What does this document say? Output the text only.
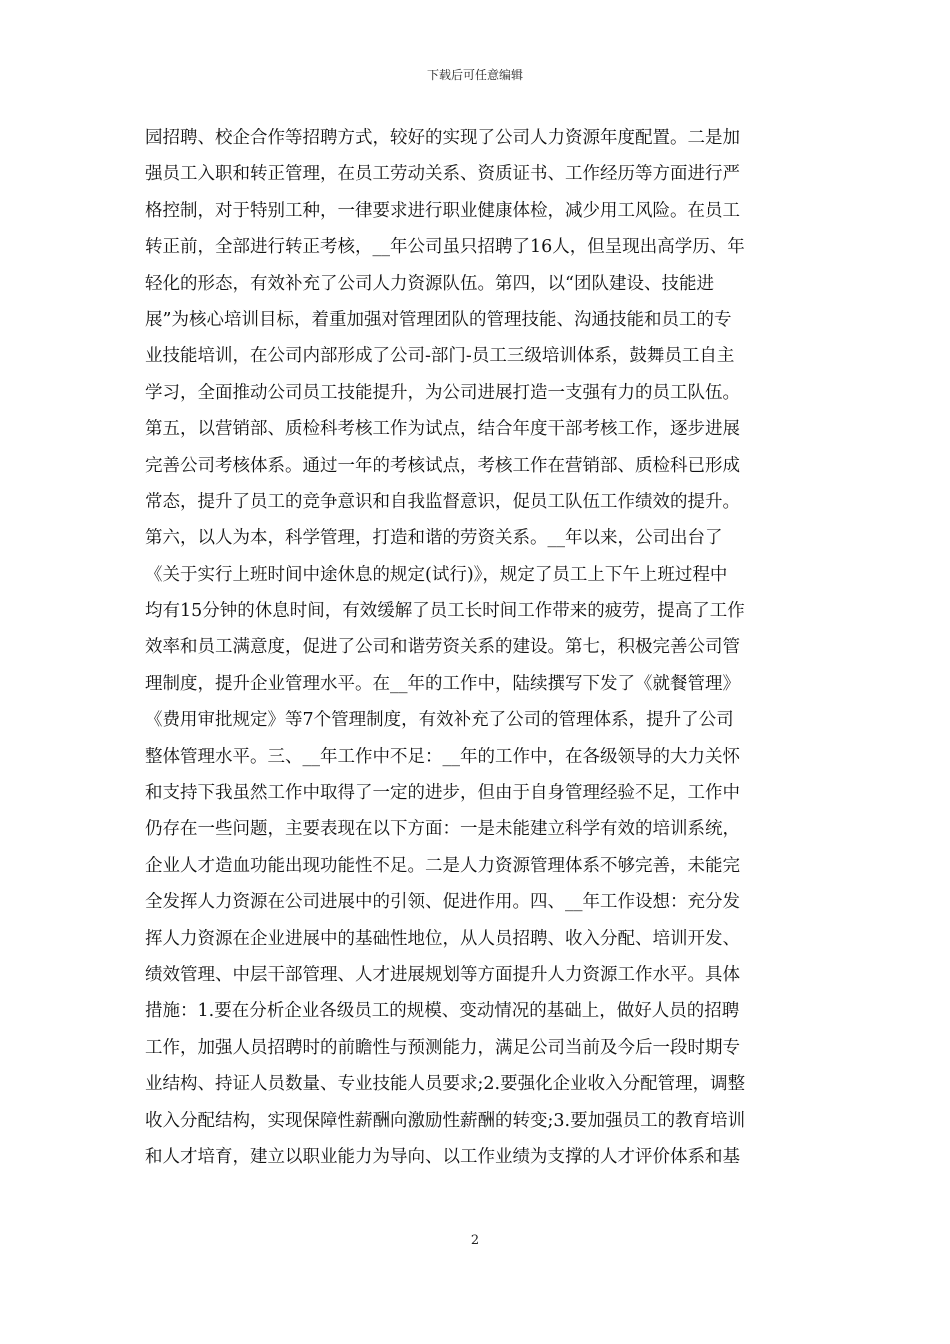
下载后可任意编辑
园招聘、校企合作等招聘方式，较好的实现了公司人力资源年度配置。二是加
强员工入职和转正管理，在员工劳动关系、资质证书、工作经历等方面进行严
格控制，对于特别工种，一律要求进行职业健康体检，减少用工风险。在员工
转正前，全部进行转正考核，__年公司虽只招聘了16人，但呈现出高学历、年
轻化的形态，有效补充了公司人力资源队伍。第四，以“团队建设、技能进
展”为核心培训目标，着重加强对管理团队的管理技能、沟通技能和员工的专
业技能培训，在公司内部形成了公司-部门-员工三级培训体系，鼓舞员工自主
学习，全面推动公司员工技能提升，为公司进展打造一支强有力的员工队伍。
第五，以营销部、质检科考核工作为试点，结合年度干部考核工作，逐步进展
完善公司考核体系。通过一年的考核试点，考核工作在营销部、质检科已形成
常态，提升了员工的竞争意识和自我监督意识，促员工队伍工作绩效的提升。
第六，以人为本，科学管理，打造和谐的劳资关系。__年以来，公司出台了
《关于实行上班时间中途休息的规定(试行)》，规定了员工上下午上班过程中
均有15分钟的休息时间，有效缓解了员工长时间工作带来的疲劳，提高了工作
效率和员工满意度，促进了公司和谐劳资关系的建设。第七，积极完善公司管
理制度，提升企业管理水平。在__年的工作中，陆续撰写下发了《就餐管理》
《费用审批规定》等7个管理制度，有效补充了公司的管理体系，提升了公司
整体管理水平。三、__年工作中不足：__年的工作中，在各级领导的大力关怀
和支持下我虽然工作中取得了一定的进步，但由于自身管理经验不足，工作中
仍存在一些问题，主要表现在以下方面：一是未能建立科学有效的培训系统，
企业人才造血功能出现功能性不足。二是人力资源管理体系不够完善，未能完
全发挥人力资源在公司进展中的引领、促进作用。四、__年工作设想：充分发
挥人力资源在企业进展中的基础性地位，从人员招聘、收入分配、培训开发、
绩效管理、中层干部管理、人才进展规划等方面提升人力资源工作水平。具体
措施：1.要在分析企业各级员工的规模、变动情况的基础上，做好人员的招聘
工作，加强人员招聘时的前瞻性与预测能力，满足公司当前及今后一段时期专
业结构、持证人员数量、专业技能人员要求;2.要强化企业收入分配管理，调整
收入分配结构，实现保障性薪酬向激励性薪酬的转变;3.要加强员工的教育培训
和人才培育，建立以职业能力为导向、以工作业绩为支撑的人才评价体系和基
2
